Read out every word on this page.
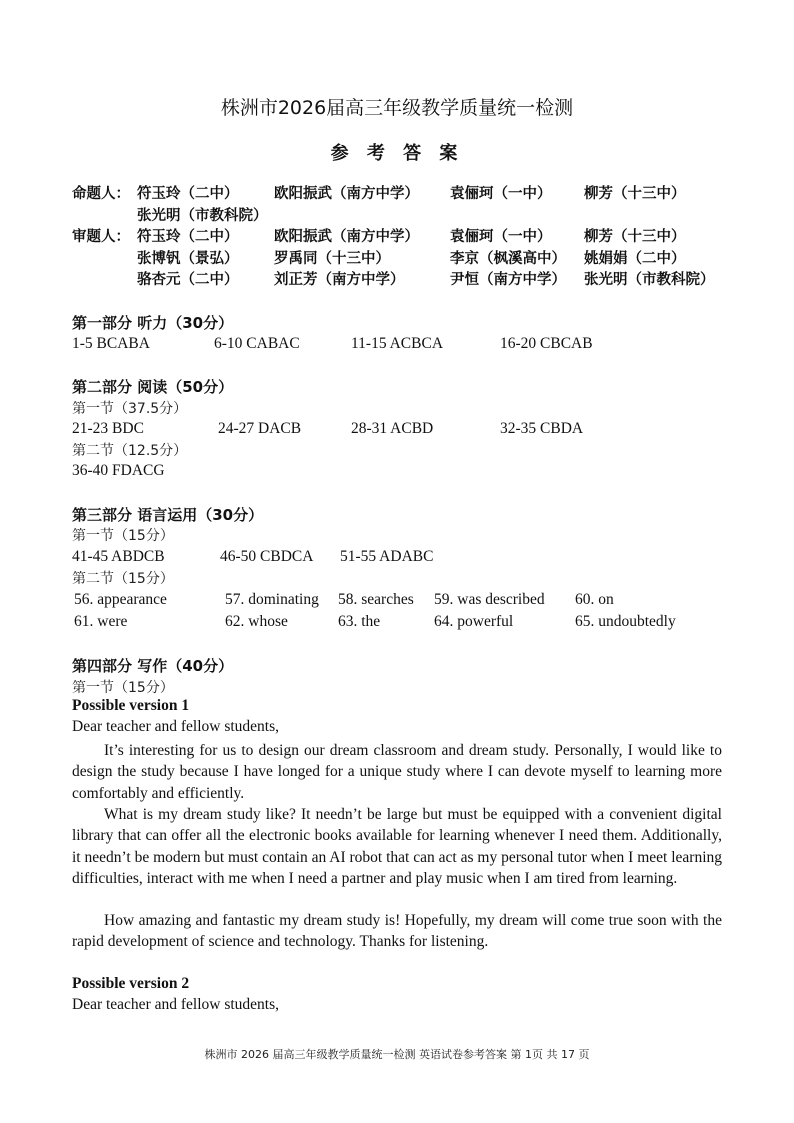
株洲市2026届高三年级教学质量统一检测
参 考 答 案
命题人： 符玉玲（二中） 欧阳振武（南方中学） 袁俪珂（一中） 柳芳（十三中）
张光明（市教科院）
审题人： 符玉玲（二中） 欧阳振武（南方中学） 袁俪珂（一中） 柳芳（十三中）
张博钒（景弘） 罗禹同（十三中）	李京（枫溪高中） 姚娟娟（二中）
骆杏元（二中） 刘正芳（南方中学）	尹恒（南方中学） 张光明（市教科院）
第一部分 听力（30分）
1-5 BCABA	6-10 CABAC	11-15 ACBCA	16-20 CBCAB
第二部分 阅读（50分）
第一节（37.5分）
21-23 BDC	24-27 DACB	28-31 ACBD	32-35 CBDA
第二节（12.5分）
36-40 FDACG
第三部分 语言运用（30分）
第一节（15分）
41-45 ABDCB	46-50 CBDCA 51-55 ADABC
第二节（15分）
56. appearance	57. dominating 58. searches 59. was described 60. on
61. were	62. whose	63. the	64. powerful	65. undoubtedly
第四部分 写作（40分）
第一节（15分）
Possible version 1
Dear teacher and fellow students,

It’s interesting for us to design our dream classroom and dream study. Personally, I would like to design the study because I have longed for a unique study where I can devote myself to learning more comfortably and efficiently.

What is my dream study like? It needn’t be large but must be equipped with a convenient digital library that can offer all the electronic books available for learning whenever I need them. Additionally, it needn’t be modern but must contain an AI robot that can act as my personal tutor when I meet learning difficulties, interact with me when I need a partner and play music when I am tired from learning.

How amazing and fantastic my dream study is! Hopefully, my dream will come true soon with the rapid development of science and technology. Thanks for listening.

Possible version 2
Dear teacher and fellow students,
株洲市 2026 届高三年级教学质量统一检测 英语试卷参考答案 第 1页 共 17 页
